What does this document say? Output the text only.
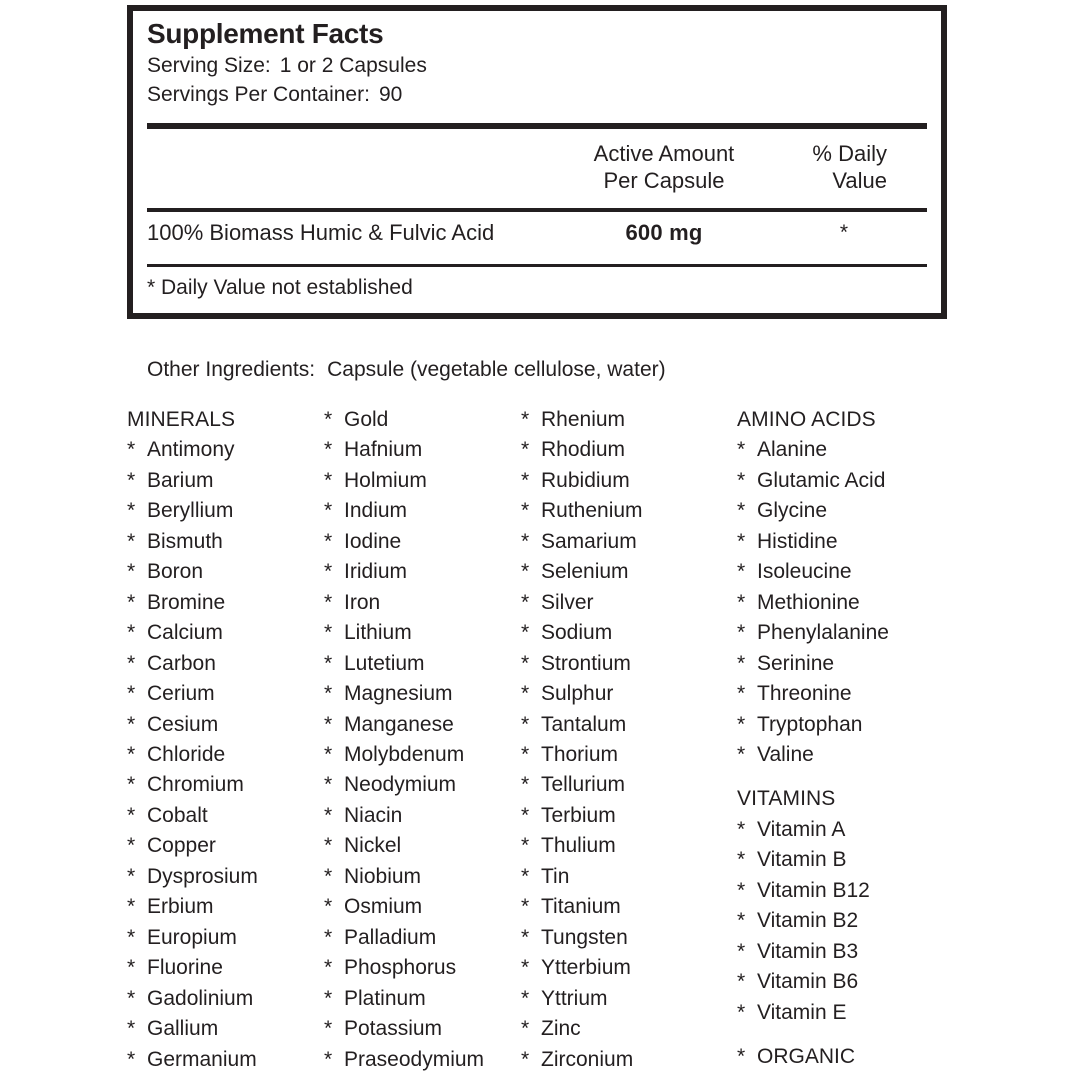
Supplement Facts
Serving Size: 1 or 2 Capsules
Servings Per Container: 90
Active Amount
Per Capsule
% Daily
Value
100% Biomass Humic & Fulvic Acid	600 mg	*
* Daily Value not established
Other Ingredients: Capsule (vegetable cellulose, water)
MINERALS
* Antimony
* Barium
* Beryllium
* Bismuth
* Boron
* Bromine
* Calcium
* Carbon
* Cerium
* Cesium
* Chloride
* Chromium
* Cobalt
* Copper
* Dysprosium
* Erbium
* Europium
* Fluorine
* Gadolinium
* Gallium
* Germanium
* Gold
* Hafnium
* Holmium
* Indium
* Iodine
* Iridium
* Iron
* Lithium
* Lutetium
* Magnesium
* Manganese
* Molybdenum
* Neodymium
* Niacin
* Nickel
* Niobium
* Osmium
* Palladium
* Phosphorus
* Platinum
* Potassium
* Praseodymium
* Rhenium
* Rhodium
* Rubidium
* Ruthenium
* Samarium
* Selenium
* Silver
* Sodium
* Strontium
* Sulphur
* Tantalum
* Thorium
* Tellurium
* Terbium
* Thulium
* Tin
* Titanium
* Tungsten
* Ytterbium
* Yttrium
* Zinc
* Zirconium
AMINO ACIDS
* Alanine
* Glutamic Acid
* Glycine
* Histidine
* Isoleucine
* Methionine
* Phenylalanine
* Serinine
* Threonine
* Tryptophan
* Valine
VITAMINS
* Vitamin A
* Vitamin B
* Vitamin B12
* Vitamin B2
* Vitamin B3
* Vitamin B6
* Vitamin E
* ORGANIC
